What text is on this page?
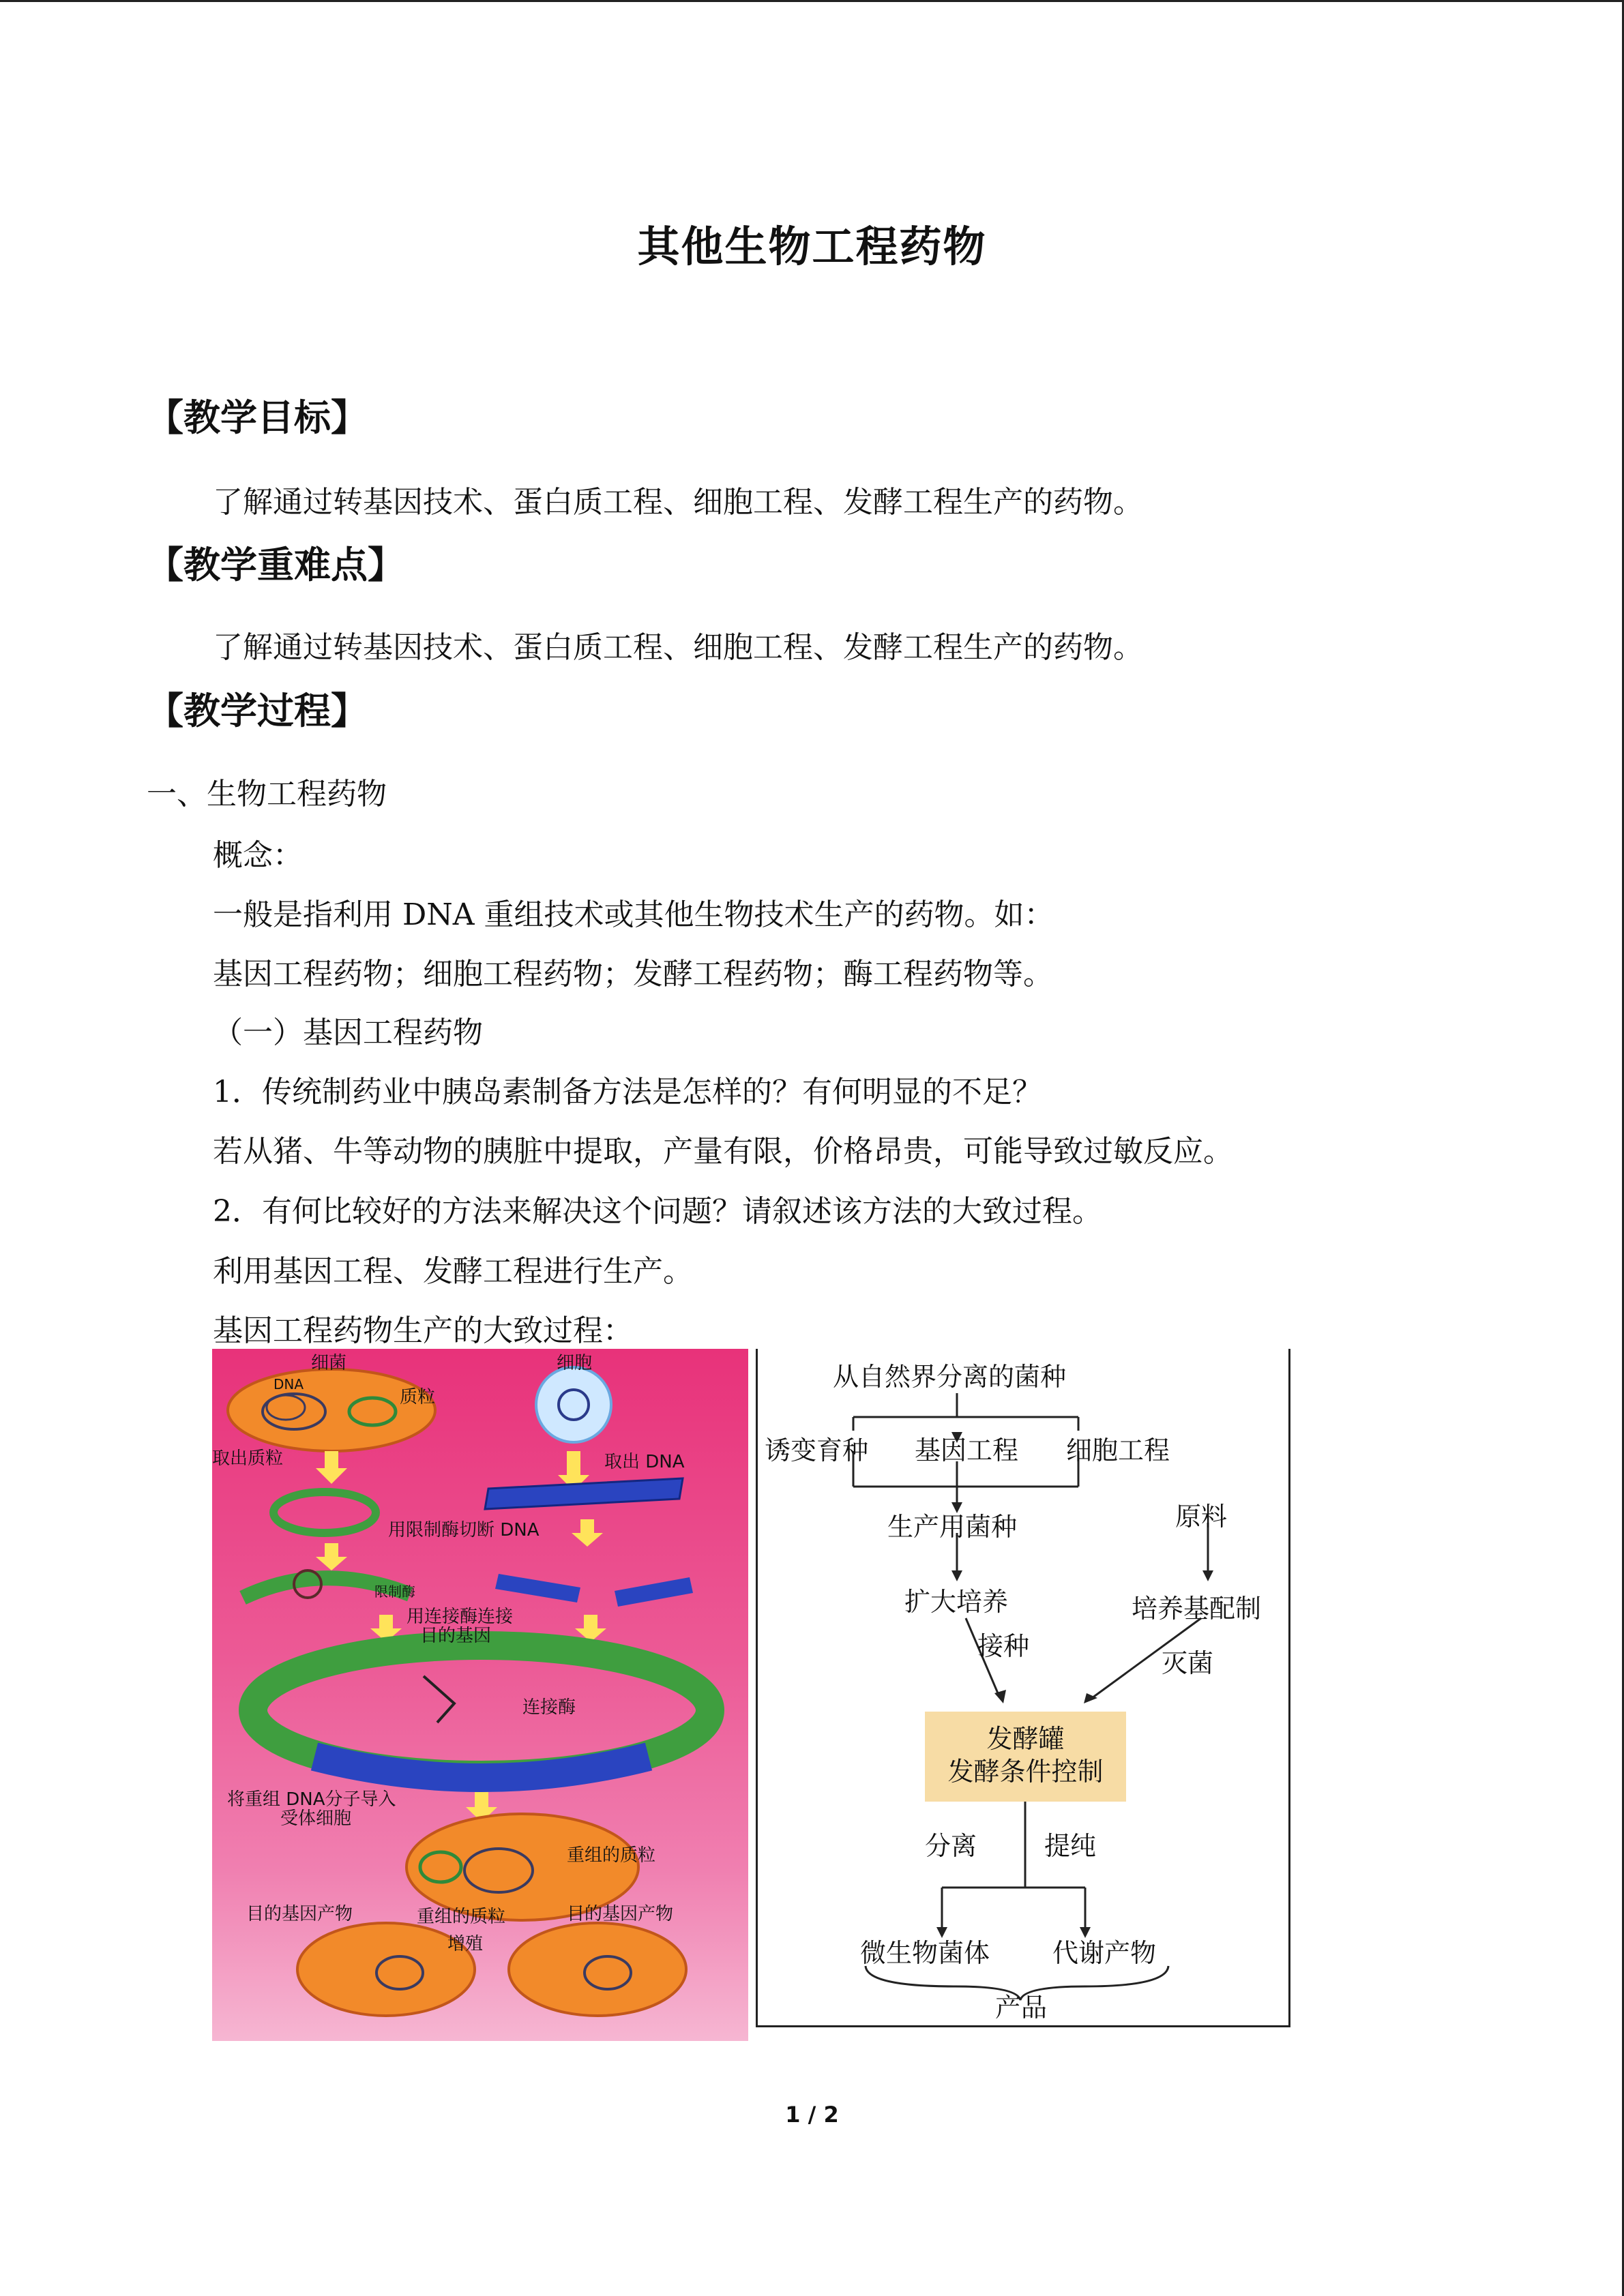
其他生物工程药物
【教学目标】
了解通过转基因技术、蛋白质工程、细胞工程、发酵工程生产的药物。
【教学重难点】
了解通过转基因技术、蛋白质工程、细胞工程、发酵工程生产的药物。
【教学过程】
一、生物工程药物
概念：
一般是指利用 DNA 重组技术或其他生物技术生产的药物。如：
基因工程药物；细胞工程药物；发酵工程药物；酶工程药物等。
（一）基因工程药物
1．传统制药业中胰岛素制备方法是怎样的？有何明显的不足？
若从猪、牛等动物的胰脏中提取，产量有限，价格昂贵，可能导致过敏反应。
2．有何比较好的方法来解决这个问题？请叙述该方法的大致过程。
利用基因工程、发酵工程进行生产。
基因工程药物生产的大致过程：
细菌	细胞
DNA
质粒
取出质粒	取出 DNA
用限制酶切断 DNA
限制酶
用连接酶连接
目的基因
连接酶
将重组 DNA分子导入
受体细胞
重组的质粒
目的基因产物	重组的质粒
增殖
目的基因产物
从自然界分离的菌种
诱变育种 基因工程 细胞工程
生产用菌种	原料
扩大培养	培养基配制
接种
灭菌
发酵罐
发酵条件控制
分离	提纯
微生物菌体 代谢产物
产品
1 / 2
